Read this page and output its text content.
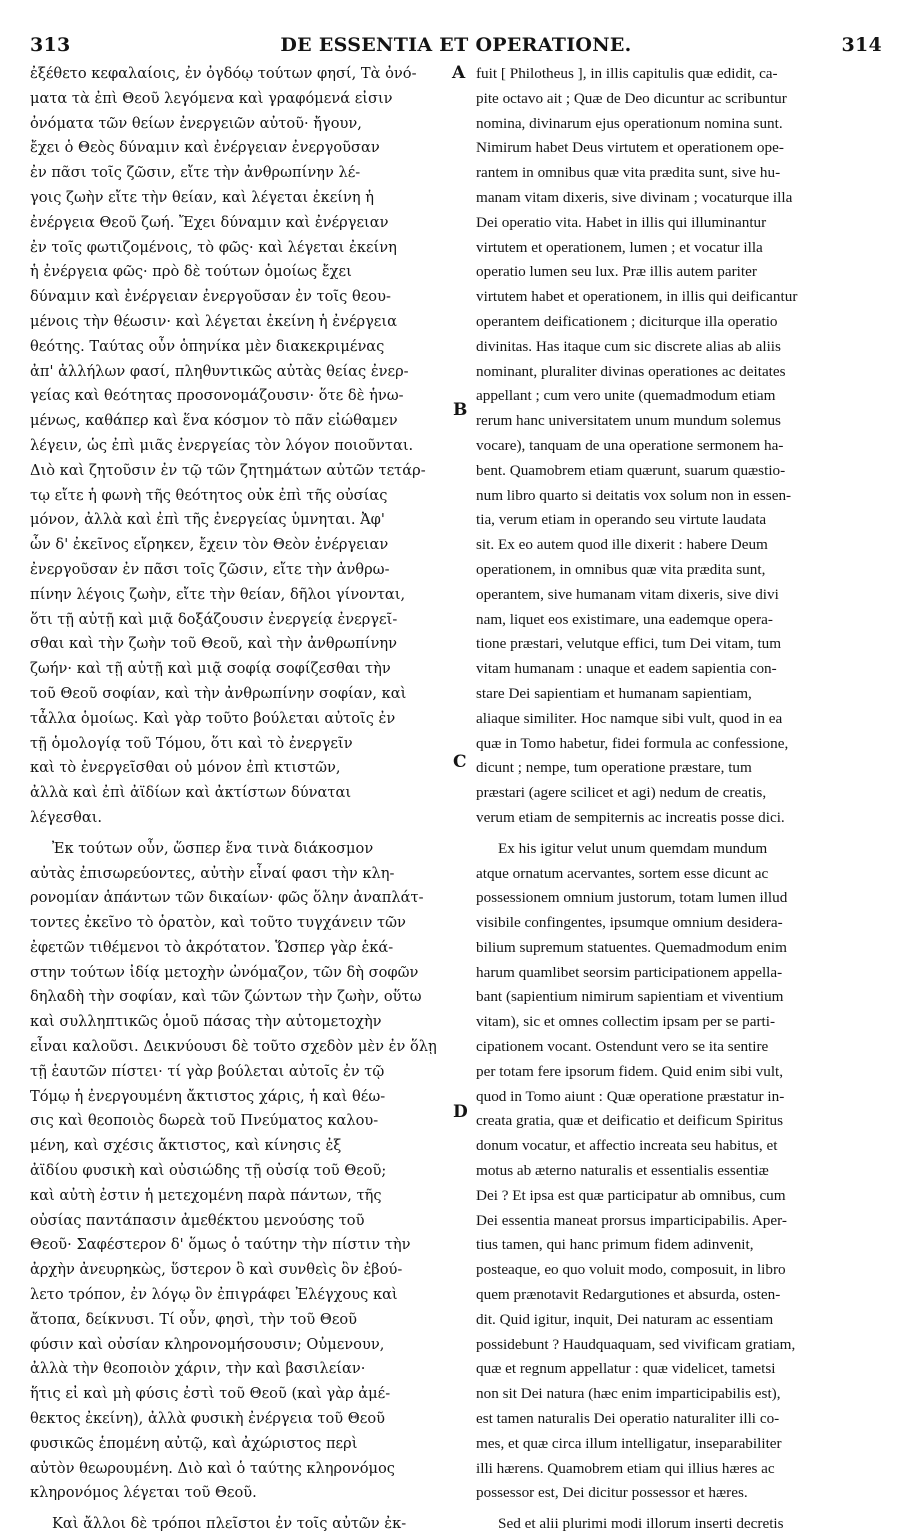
313	DE ESSENTIA ET OPERATIONE.	314
ἐξέθετο κεφαλαίοις, ἐν ὀγδόῳ τούτων φησί, Τὰ ὀνό-
ματα τὰ ἐπὶ Θεοῦ λεγόμενα καὶ γραφόμενά εἰσιν
ὀνόματα τῶν θείων ἐνεργειῶν αὐτοῦ· ἤγουν,
ἔχει ὁ Θεὸς δύναμιν καὶ ἐνέργειαν ἐνεργοῦσαν
ἐν πᾶσι τοῖς ζῶσιν, εἴτε τὴν ἀνθρωπίνην λέ-
γοις ζωὴν εἴτε τὴν θείαν, καὶ λέγεται ἐκείνη ἡ
ἐνέργεια Θεοῦ ζωή. Ἔχει δύναμιν καὶ ἐνέργειαν
ἐν τοῖς φωτιζομένοις, τὸ φῶς· καὶ λέγεται ἐκείνη
ἡ ἐνέργεια φῶς· πρὸ δὲ τούτων ὁμοίως ἔχει
δύναμιν καὶ ἐνέργειαν ἐνεργοῦσαν ἐν τοῖς θεου-
μένοις τὴν θέωσιν· καὶ λέγεται ἐκείνη ἡ ἐνέργεια
θεότης. Ταύτας οὖν ὁπηνίκα μὲν διακεκριμένας
ἀπ' ἀλλήλων φασί, πληθυντικῶς αὐτὰς θείας ἐνερ-
γείας καὶ θεότητας προσονομάζουσιν· ὅτε δὲ ἡνω-
μένως, καθάπερ καὶ ἕνα κόσμον τὸ πᾶν εἰώθαμεν
λέγειν, ὡς ἐπὶ μιᾶς ἐνεργείας τὸν λόγον ποιοῦνται.
Διὸ καὶ ζητοῦσιν ἐν τῷ τῶν ζητημάτων αὐτῶν τετάρ-
τῳ εἴτε ἡ φωνὴ τῆς θεότητος οὐκ ἐπὶ τῆς οὐσίας
μόνον, ἀλλὰ καὶ ἐπὶ τῆς ἐνεργείας ὑμνηται. Ἀφ'
ὧν δ' ἐκεῖνος εἴρηκεν, ἔχειν τὸν Θεὸν ἐνέργειαν
ἐνεργοῦσαν ἐν πᾶσι τοῖς ζῶσιν, εἴτε τὴν ἀνθρω-
πίνην λέγοις ζωὴν, εἴτε τὴν θείαν, δῆλοι γίνονται,
ὅτι τῇ αὐτῇ καὶ μιᾷ δοξάζουσιν ἐνεργείᾳ ἐνεργεῖ-
σθαι καὶ τὴν ζωὴν τοῦ Θεοῦ, καὶ τὴν ἀνθρωπίνην
ζωήν· καὶ τῇ αὐτῇ καὶ μιᾷ σοφίᾳ σοφίζεσθαι τὴν
τοῦ Θεοῦ σοφίαν, καὶ τὴν ἀνθρωπίνην σοφίαν, καὶ
τἆλλα ὁμοίως. Καὶ γὰρ τοῦτο βούλεται αὐτοῖς ἐν
τῇ ὁμολογίᾳ τοῦ Τόμου, ὅτι καὶ τὸ ἐνεργεῖν
καὶ τὸ ἐνεργεῖσθαι οὐ μόνον ἐπὶ κτιστῶν,
ἀλλὰ καὶ ἐπὶ ἀϊδίων καὶ ἀκτίστων δύναται
λέγεσθαι.
Ἐκ τούτων οὖν, ὥσπερ ἕνα τινὰ διάκοσμον
αὐτὰς ἐπισωρεύοντες, αὐτὴν εἶναί φασι τὴν κλη-
ρονομίαν ἁπάντων τῶν δικαίων· φῶς ὅλην ἀναπλάτ-
τοντες ἐκεῖνο τὸ ὁρατὸν, καὶ τοῦτο τυγχάνειν τῶν
ἐφετῶν τιθέμενοι τὸ ἀκρότατον. Ὥσπερ γὰρ ἑκά-
στην τούτων ἰδίᾳ μετοχὴν ὠνόμαζον, τῶν δὴ σοφῶν
δηλαδὴ τὴν σοφίαν, καὶ τῶν ζώντων τὴν ζωὴν, οὕτω
καὶ συλληπτικῶς ὁμοῦ πάσας τὴν αὐτομετοχὴν
εἶναι καλοῦσι. Δεικνύουσι δὲ τοῦτο σχεδὸν μὲν ἐν ὅλῃ
τῇ ἑαυτῶν πίστει· τί γὰρ βούλεται αὐτοῖς ἐν τῷ
Τόμῳ ἡ ἐνεργουμένη ἄκτιστος χάρις, ἡ καὶ θέω-
σις καὶ θεοποιὸς δωρεὰ τοῦ Πνεύματος καλου-
μένη, καὶ σχέσις ἄκτιστος, καὶ κίνησις ἐξ
ἀϊδίου φυσικὴ καὶ οὐσιώδης τῇ οὐσίᾳ τοῦ Θεοῦ;
καὶ αὐτὴ ἐστιν ἡ μετεχομένη παρὰ πάντων, τῆς
οὐσίας παντάπασιν ἀμεθέκτου μενούσης τοῦ
Θεοῦ· Σαφέστερον δ' ὅμως ὁ ταύτην τὴν πίστιν τὴν
ἀρχὴν ἀνευρηκὼς, ὕστερον ὃ καὶ συνθεὶς ὃν ἐβού-
λετο τρόπον, ἐν λόγῳ ὃν ἐπιγράφει Ἐλέγχους καὶ
ἄτοπα, δείκνυσι. Τί οὖν, φησὶ, τὴν τοῦ Θεοῦ
φύσιν καὶ οὐσίαν κληρονομήσουσιν; Οὐμενουν,
ἀλλὰ τὴν θεοποιὸν χάριν, τὴν καὶ βασιλείαν·
ἥτις εἰ καὶ μὴ φύσις ἐστὶ τοῦ Θεοῦ (καὶ γὰρ ἀμέ-
θεκτος ἐκείνη), ἀλλὰ φυσικὴ ἐνέργεια τοῦ Θεοῦ
φυσικῶς ἑπομένη αὐτῷ, καὶ ἀχώριστος περὶ
αὐτὸν θεωρουμένη. Διὸ καὶ ὁ ταύτης κληρονόμος
κληρονόμος λέγεται τοῦ Θεοῦ.
Καὶ ἄλλοι δὲ τρόποι πλεῖστοι ἐν τοῖς αὐτῶν ἐκ-
A
B
C
D
fuit [ Philotheus ], in illis capitulis quæ edidit, ca-
pite octavo ait ; Quæ de Deo dicuntur ac scribuntur
nomina, divinarum ejus operationum nomina sunt.
Nimirum habet Deus virtutem et operationem ope-
rantem in omnibus quæ vita prædita sunt, sive hu-
manam vitam dixeris, sive divinam ; vocaturque illa
Dei operatio vita. Habet in illis qui illuminantur
virtutem et operationem, lumen ; et vocatur illa
operatio lumen seu lux. Præ illis autem pariter
virtutem habet et operationem, in illis qui deificantur
operantem deificationem ; diciturque illa operatio
divinitas. Has itaque cum sic discrete alias ab aliis
nominant, pluraliter divinas operationes ac deitates
appellant ; cum vero unite (quemadmodum etiam
rerum hanc universitatem unum mundum solemus
vocare), tanquam de una operatione sermonem ha-
bent. Quamobrem etiam quærunt, suarum quæstio-
num libro quarto si deitatis vox solum non in essen-
tia, verum etiam in operando seu virtute laudata
sit. Ex eo autem quod ille dixerit : habere Deum
operationem, in omnibus quæ vita prædita sunt,
operantem, sive humanam vitam dixeris, sive divi
nam, liquet eos existimare, una eademque opera-
tione præstari, velutque effici, tum Dei vitam, tum
vitam humanam : unaque et eadem sapientia con-
stare Dei sapientiam et humanam sapientiam,
aliaque similiter. Hoc namque sibi vult, quod in ea
quæ in Tomo habetur, fidei formula ac confessione,
dicunt ; nempe, tum operatione præstare, tum
præstari (agere scilicet et agi) nedum de creatis,
verum etiam de sempiternis ac increatis posse dici.
Ex his igitur velut unum quemdam mundum
atque ornatum acervantes, sortem esse dicunt ac
possessionem omnium justorum, totam lumen illud
visibile confingentes, ipsumque omnium desidera-
bilium supremum statuentes. Quemadmodum enim
harum quamlibet seorsim participationem appella-
bant (sapientium nimirum sapientiam et viventium
vitam), sic et omnes collectim ipsam per se parti-
cipationem vocant. Ostendunt vero se ita sentire
per totam fere ipsorum fidem. Quid enim sibi vult,
quod in Tomo aiunt : Quæ operatione præstatur in-
creata gratia, quæ et deificatio et deificum Spiritus
donum vocatur, et affectio increata seu habitus, et
motus ab æterno naturalis et essentialis essentiæ
Dei ? Et ipsa est quæ participatur ab omnibus, cum
Dei essentia maneat prorsus imparticipabilis. Aper-
tius tamen, qui hanc primum fidem adinvenit,
posteaque, eo quo voluit modo, composuit, in libro
quem prænotavit Redargutiones et absurda, osten-
dit. Quid igitur, inquit, Dei naturam ac essentiam
possidebunt ? Haudquaquam, sed vivificam gratiam,
quæ et regnum appellatur : quæ videlicet, tametsi
non sit Dei natura (hæc enim imparticipabilis est),
est tamen naturalis Dei operatio naturaliter illi co-
mes, et quæ circa illum intelligatur, inseparabiliter
illi hærens. Quamobrem etiam qui illius hæres ac
possessor est, Dei dicitur possessor et hæres.
Sed et alii plurimi modi illorum inserti decretis
